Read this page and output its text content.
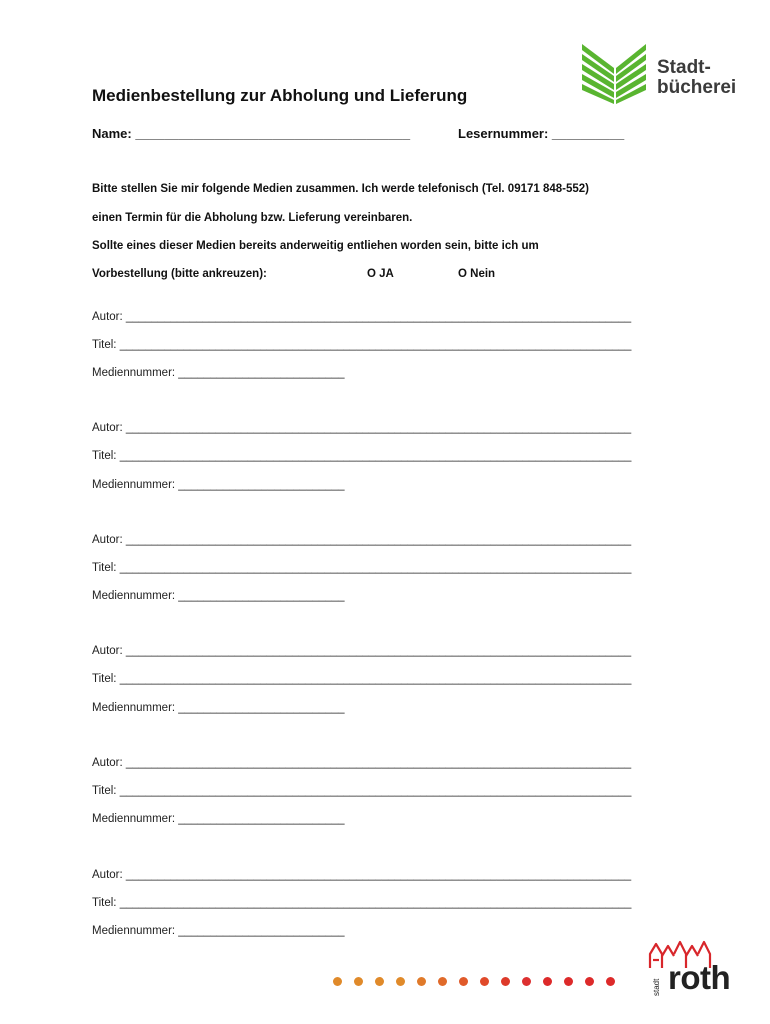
Stadt-
bücherei
Medienbestellung zur Abholung und Lieferung
Name: ______________________________________	Lesernummer: __________
Bitte stellen Sie mir folgende Medien zusammen. Ich werde telefonisch (Tel. 09171 848-552)
einen Termin für die Abholung bzw. Lieferung vereinbaren.
Sollte eines dieser Medien bereits anderweitig entliehen worden sein, bitte ich um
Vorbestellung (bitte ankreuzen):	O JA	O Nein
Autor: _______________________________________________________________________________
Titel: ________________________________________________________________________________
Mediennummer: __________________________
Autor: _______________________________________________________________________________
Titel: ________________________________________________________________________________
Mediennummer: __________________________
Autor: _______________________________________________________________________________
Titel: ________________________________________________________________________________
Mediennummer: __________________________
Autor: _______________________________________________________________________________
Titel: ________________________________________________________________________________
Mediennummer: __________________________
Autor: _______________________________________________________________________________
Titel: ________________________________________________________________________________
Mediennummer: __________________________
Autor: _______________________________________________________________________________
Titel: ________________________________________________________________________________
Mediennummer: __________________________
stadt roth
